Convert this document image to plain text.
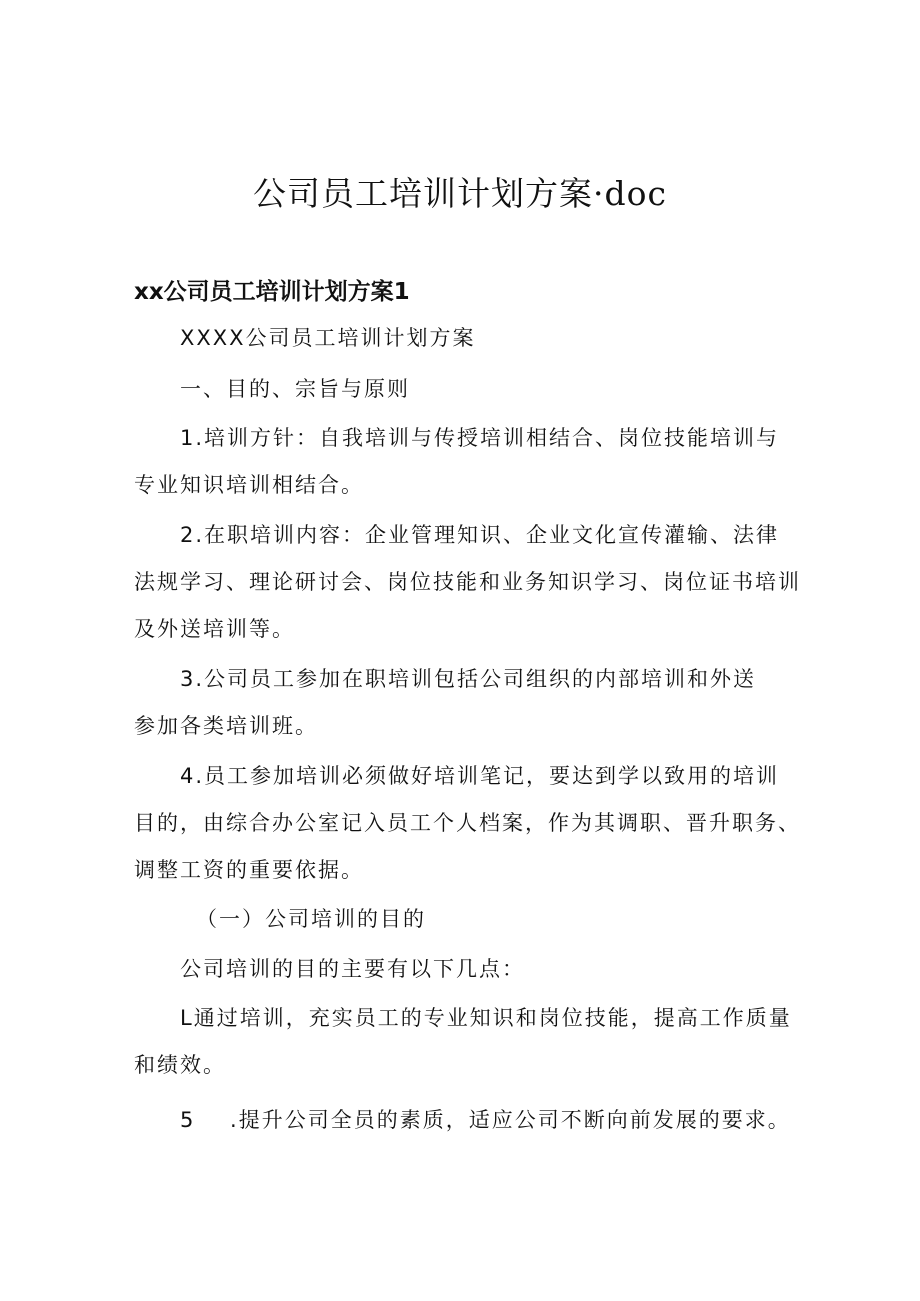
公司员工培训计划方案·doc
xx公司员工培训计划方案1

XXXX公司员工培训计划方案

一、目的、宗旨与原则

1.培训方针：自我培训与传授培训相结合、岗位技能培训与

专业知识培训相结合。

2.在职培训内容：企业管理知识、企业文化宣传灌输、法律

法规学习、理论研讨会、岗位技能和业务知识学习、岗位证书培训

及外送培训等。

3.公司员工参加在职培训包括公司组织的内部培训和外送

参加各类培训班。

4.员工参加培训必须做好培训笔记，要达到学以致用的培训

目的，由综合办公室记入员工个人档案，作为其调职、晋升职务、

调整工资的重要依据。

（一）公司培训的目的

公司培训的目的主要有以下几点：

L通过培训，充实员工的专业知识和岗位技能，提高工作质量

和绩效。

5    .提升公司全员的素质，适应公司不断向前发展的要求。
